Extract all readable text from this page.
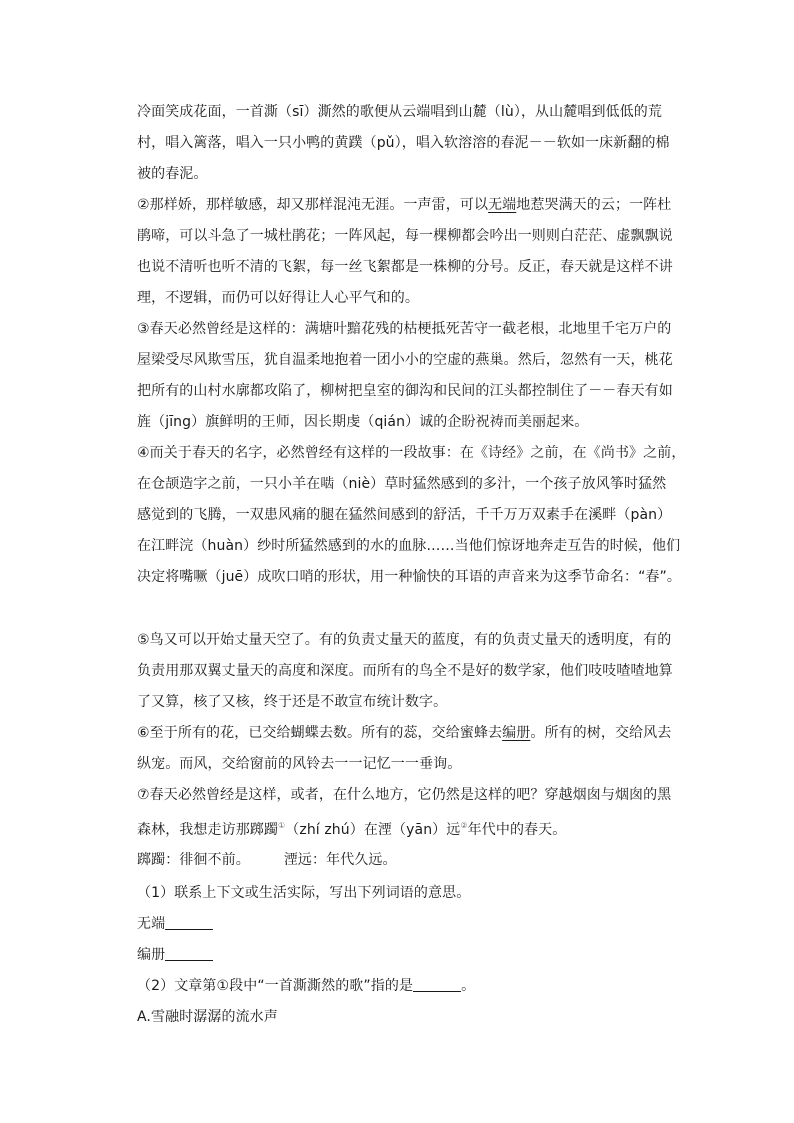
冷面笑成花面，一首澌（sī）澌然的歌便从云端唱到山麓（lù），从山麓唱到低低的荒
村，唱入篱落，唱入一只小鸭的黄蹼（pǔ），唱入软溶溶的春泥－－软如一床新翻的棉
被的春泥。
②那样娇，那样敏感，却又那样混沌无涯。一声雷，可以无端地惹哭满天的云；一阵杜
鹃啼，可以斗急了一城杜鹃花；一阵风起，每一棵柳都会吟出一则则白茫茫、虚飘飘说
也说不清听也听不清的飞絮，每一丝飞絮都是一株柳的分号。反正，春天就是这样不讲
理，不逻辑，而仍可以好得让人心平气和的。
③春天必然曾经是这样的：满塘叶黯花残的枯梗抵死苦守一截老根，北地里千宅万户的
屋梁受尽风欺雪压，犹自温柔地抱着一团小小的空虚的燕巢。然后，忽然有一天，桃花
把所有的山村水廓都攻陷了，柳树把皇室的御沟和民间的江头都控制住了－－春天有如
旌（jīng）旗鲜明的王师，因长期虔（qián）诚的企盼祝祷而美丽起来。
④而关于春天的名字，必然曾经有这样的一段故事：在《诗经》之前，在《尚书》之前，
在仓颉造字之前，一只小羊在啮（niè）草时猛然感到的多汁，一个孩子放风筝时猛然
感觉到的飞腾，一双患风痛的腿在猛然间感到的舒活，千千万万双素手在溪畔（pàn）
在江畔浣（huàn）纱时所猛然感到的水的血脉……当他们惊讶地奔走互告的时候，他们
决定将嘴噘（juē）成吹口哨的形状，用一种愉快的耳语的声音来为这季节命名：“春”。
⑤鸟又可以开始丈量天空了。有的负责丈量天的蓝度，有的负责丈量天的透明度，有的
负责用那双翼丈量天的高度和深度。而所有的鸟全不是好的数学家，他们吱吱喳喳地算
了又算，核了又核，终于还是不敢宣布统计数字。
⑥至于所有的花，已交给蝴蝶去数。所有的蕊，交给蜜蜂去编册。所有的树，交给风去
纵宠。而风，交给窗前的风铃去一一记忆一一垂询。
⑦春天必然曾经是这样，或者，在什么地方，它仍然是这样的吧？穿越烟囱与烟囱的黑
森林，我想走访那踯躅①（zhí zhú）在湮（yān）远②年代中的春天。
踯躅：徘徊不前。 湮远：年代久远。
（1）联系上下文或生活实际，写出下列词语的意思。
无端
编册
（2）文章第①段中“一首澌澌然的歌”指的是	。
A.雪融时潺潺的流水声
